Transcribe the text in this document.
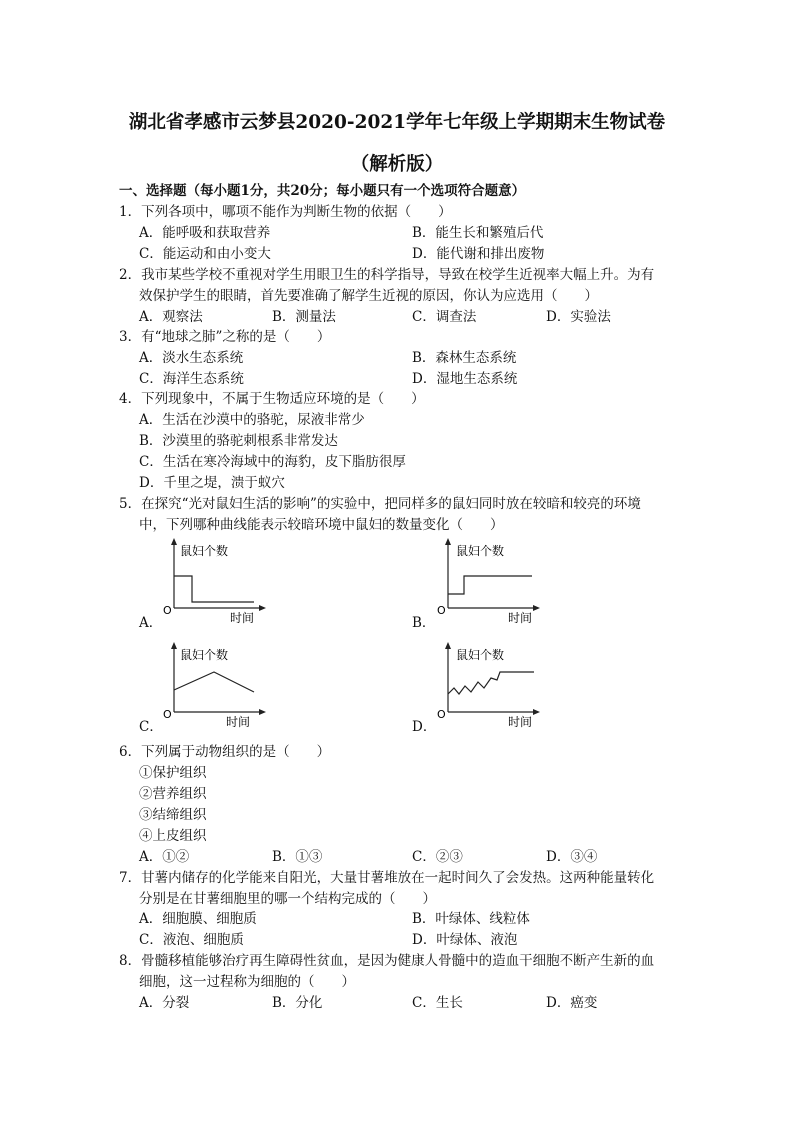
湖北省孝感市云梦县2020-2021学年七年级上学期期末生物试卷
（解析版）
一、选择题（每小题1分，共20分；每小题只有一个选项符合题意）
1．下列各项中，哪项不能作为判断生物的依据（　　）
A．能呼吸和获取营养	B．能生长和繁殖后代
C．能运动和由小变大	D．能代谢和排出废物
2．我市某些学校不重视对学生用眼卫生的科学指导，导致在校学生近视率大幅上升。为有
效保护学生的眼睛，首先要准确了解学生近视的原因，你认为应选用（　　）
A．观察法	B．测量法	C．调查法	D．实验法
3．有“地球之肺”之称的是（　　）
A．淡水生态系统	B．森林生态系统
C．海洋生态系统	D．湿地生态系统
4．下列现象中，不属于生物适应环境的是（　　）
A．生活在沙漠中的骆驼，尿液非常少
B．沙漠里的骆驼刺根系非常发达
C．生活在寒冷海域中的海豹，皮下脂肪很厚
D．千里之堤，溃于蚁穴
5．在探究“光对鼠妇生活的影响”的实验中，把同样多的鼠妇同时放在较暗和较亮的环境
中，下列哪种曲线能表示较暗环境中鼠妇的数量变化（　　）
鼠妇个数
O
时间
A．
鼠妇个数
O
时间
B．
鼠妇个数
O
时间
C．
鼠妇个数
O
时间
D．
6．下列属于动物组织的是（　　）
①保护组织
②营养组织
③结缔组织
④上皮组织
A．①②	B．①③	C．②③	D．③④
7．甘薯内储存的化学能来自阳光，大量甘薯堆放在一起时间久了会发热。这两种能量转化
分别是在甘薯细胞里的哪一个结构完成的（　　）
A．细胞膜、细胞质	B．叶绿体、线粒体
C．液泡、细胞质	D．叶绿体、液泡
8．骨髓移植能够治疗再生障碍性贫血，是因为健康人骨髓中的造血干细胞不断产生新的血
细胞，这一过程称为细胞的（　　）
A．分裂	B．分化	C．生长	D．癌变
